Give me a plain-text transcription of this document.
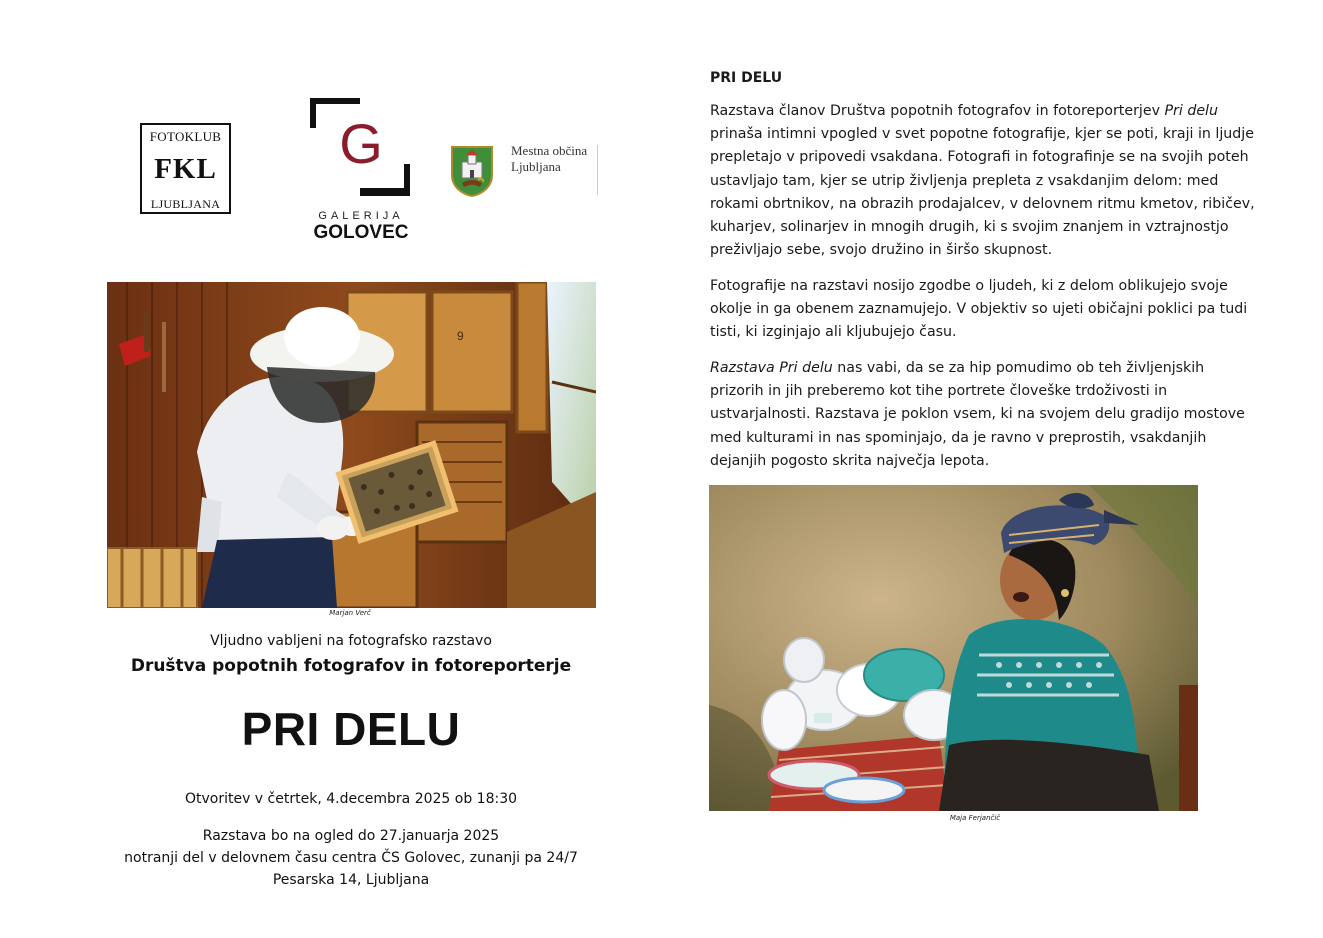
FOTOKLUB
FKL
LJUBLJANA
G
GALERIJA
GOLOVEC
Mestna občina
Ljubljana
9
Marjan Verč
Vljudno vabljeni na fotografsko razstavo
Društva popotnih fotografov in fotoreporterje
PRI DELU
Otvoritev v četrtek, 4.decembra 2025 ob 18:30
Razstava bo na ogled do 27.januarja 2025
notranji del v delovnem času centra ČS Golovec, zunanji pa 24/7
Pesarska 14, Ljubljana
PRI DELU

Razstava članov Društva popotnih fotografov in fotoreporterjev Pri delu prinaša intimni vpogled v svet popotne fotografije, kjer se poti, kraji in ljudje prepletajo v pripovedi vsakdana. Fotografi in fotografinje se na svojih poteh ustavljajo tam, kjer se utrip življenja prepleta z vsakdanjim delom: med rokami obrtnikov, na obrazih prodajalcev, v delovnem ritmu kmetov, ribičev, kuharjev, solinarjev in mnogih drugih, ki s svojim znanjem in vztrajnostjo preživljajo sebe, svojo družino in širšo skupnost.

Fotografije na razstavi nosijo zgodbe o ljudeh, ki z delom oblikujejo svoje okolje in ga obenem zaznamujejo. V objektiv so ujeti običajni poklici pa tudi tisti, ki izginjajo ali kljubujejo času.

Razstava Pri delu nas vabi, da se za hip pomudimo ob teh življenjskih prizorih in jih preberemo kot tihe portrete človeške trdoživosti in ustvarjalnosti. Razstava je poklon vsem, ki na svojem delu gradijo mostove med kulturami in nas spominjajo, da je ravno v preprostih, vsakdanjih dejanjih pogosto skrita največja lepota.

Maja Ferjančič
